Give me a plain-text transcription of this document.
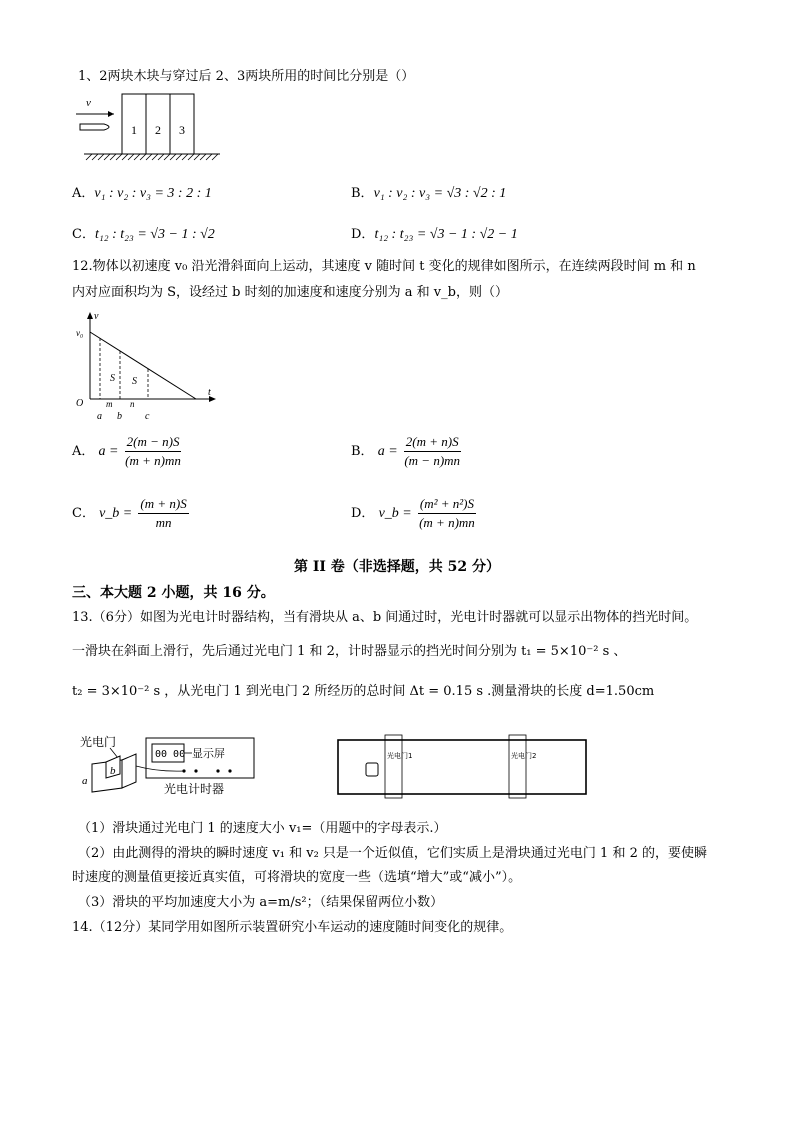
1、2两块木块与穿过后 2、3两块所用的时间比分别是（）
v
1 2 3
A．v₁ : v₂ : v₃ = 3 : 2 : 1	B．v₁ : v₂ : v₃ = √3 : √2 : 1
C．t₁₂ : t₂₃ = √3 − 1 : √2	D．t₁₂ : t₂₃ = √3 − 1 : √2 − 1
12.物体以初速度 v₀ 沿光滑斜面向上运动，其速度 v 随时间 t 变化的规律如图所示，在连续两段时间 m 和 n
内对应面积均为 S，设经过 b 时刻的加速度和速度分别为 a 和 v_b，则（）
v
t
v₀
O
S S
m n
a b c
A． $a = \frac{2(m - n)S}{(m + n)mn}$	B． $a = \frac{2(m + n)S}{(m - n)mn}$
C． v_b = $\frac{(m + n)S}{mn}$	D． v_b = $\frac{\text{(m² + n²)S}}{(m + n)mn}$
第 II 卷（非选择题，共 52 分）
三、本大题 2 小题，共 16 分。
13.（6分）如图为光电计时器结构，当有滑块从 a、b 间通过时，光电计时器就可以显示出物体的挡光时间。
一滑块在斜面上滑行，先后通过光电门 1 和 2，计时器显示的挡光时间分别为 t₁ = 5×10⁻² s 、
t₂ = 3×10⁻² s ，从光电门 1 到光电门 2 所经历的总时间 Δt = 0.15 s .测量滑块的长度 d=1.50cm
光电门
a
b
00 00 显示屏
光电计时器
光电门1	光电门2
（1）滑块通过光电门 1 的速度大小 v₁=（用题中的字母表示.）
（2）由此测得的滑块的瞬时速度 v₁ 和 v₂ 只是一个近似值，它们实质上是滑块通过光电门 1 和 2 的，要使瞬
时速度的测量值更接近真实值，可将滑块的宽度一些（选填“增大”或“减小”）。
（3）滑块的平均加速度大小为 a=m/s²；（结果保留两位小数）
14.（12分）某同学用如图所示装置研究小车运动的速度随时间变化的规律。
